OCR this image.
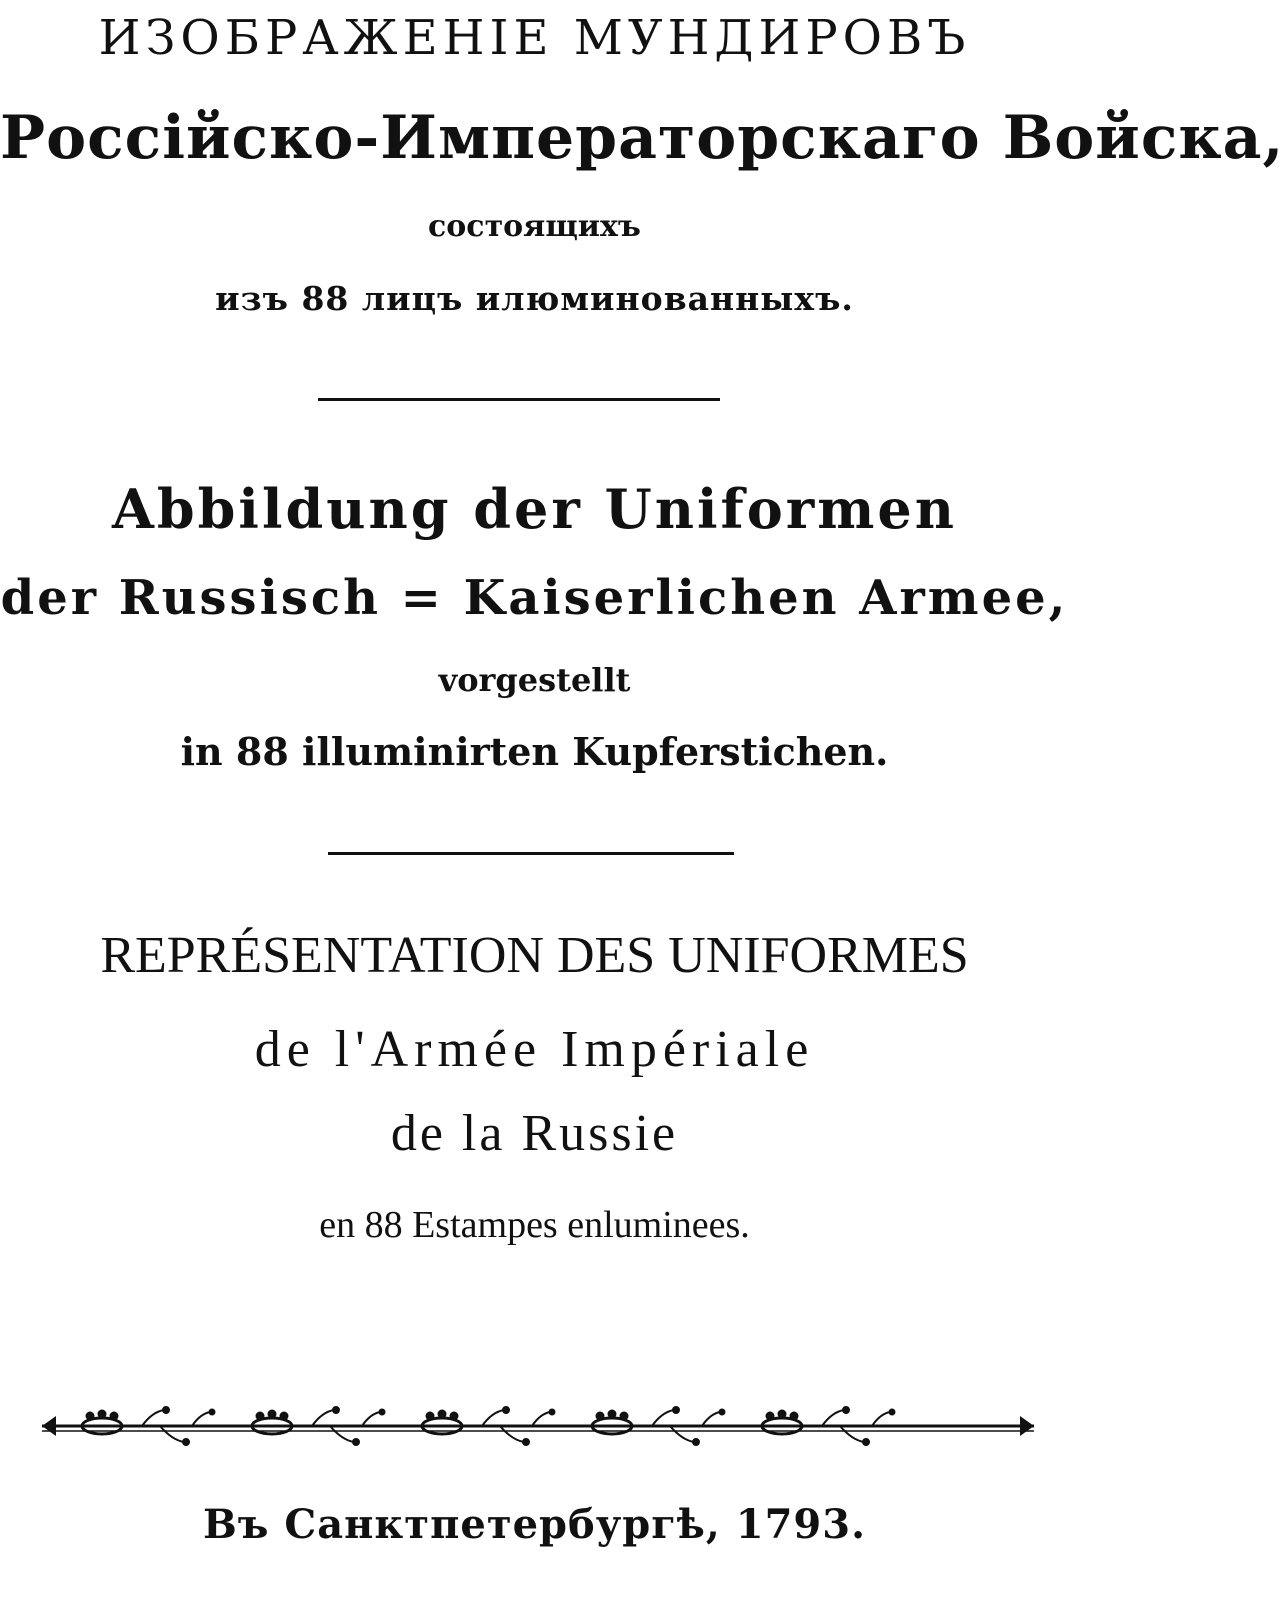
ИЗОБРАЖЕНІЕ МУНДИРОВЪ
Россійско-Императорскаго Войска,
состоящихъ
изъ 88 лицъ илюминованныхъ.
Abbildung der Uniformen
der Russisch = Kaiserlichen Armee,
vorgestellt
in 88 illuminirten Kupferstichen.
REPRÉSENTATION DES UNIFORMES
de l'Armée Impériale
de la Russie
en 88 Estampes enluminees.
Въ Санктпетербургѣ, 1793.
